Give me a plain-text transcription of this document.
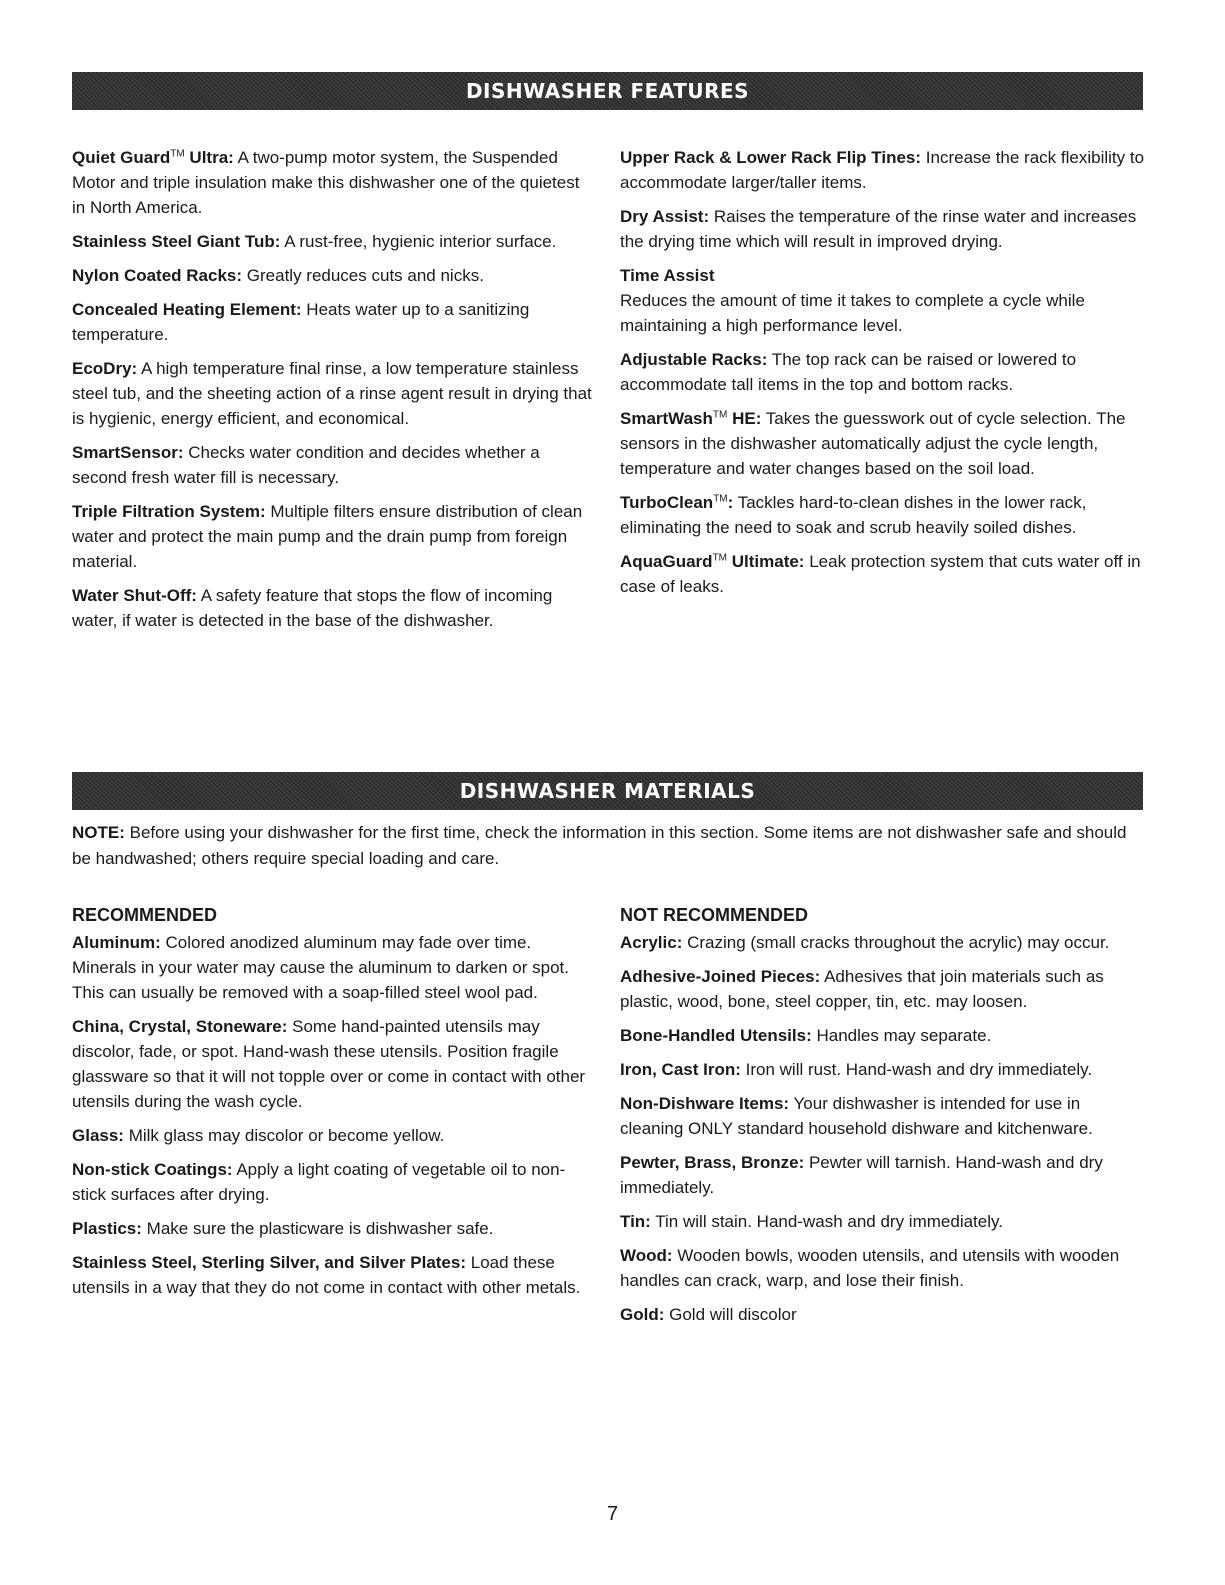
DISHWASHER FEATURES

Quiet Guard™ Ultra: A two-pump motor system, the Suspended Motor and triple insulation make this dishwasher one of the quietest in North America.

Stainless Steel Giant Tub: A rust-free, hygienic interior surface.

Nylon Coated Racks: Greatly reduces cuts and nicks.

Concealed Heating Element: Heats water up to a sanitizing temperature.

EcoDry: A high temperature final rinse, a low temperature stainless steel tub, and the sheeting action of a rinse agent result in drying that is hygienic, energy efficient, and economical.

SmartSensor: Checks water condition and decides whether a second fresh water fill is necessary.

Triple Filtration System: Multiple filters ensure distribution of clean water and protect the main pump and the drain pump from foreign material.

Water Shut-Off: A safety feature that stops the flow of incoming water, if water is detected in the base of the dishwasher.

Upper Rack & Lower Rack Flip Tines: Increase the rack flexibility to accommodate larger/taller items.

Dry Assist: Raises the temperature of the rinse water and increases the drying time which will result in improved drying.

Time Assist
Reduces the amount of time it takes to complete a cycle while maintaining a high performance level.

Adjustable Racks: The top rack can be raised or lowered to accommodate tall items in the top and bottom racks.

SmartWash™ HE: Takes the guesswork out of cycle selection. The sensors in the dishwasher automatically adjust the cycle length, temperature and water changes based on the soil load.

TurboClean™: Tackles hard-to-clean dishes in the lower rack, eliminating the need to soak and scrub heavily soiled dishes.

AquaGuard™ Ultimate: Leak protection system that cuts water off in case of leaks.

DISHWASHER MATERIALS
NOTE: Before using your dishwasher for the first time, check the information in this section. Some items are not dishwasher safe and should be handwashed; others require special loading and care.
RECOMMENDED

Aluminum: Colored anodized aluminum may fade over time. Minerals in your water may cause the aluminum to darken or spot. This can usually be removed with a soap-filled steel wool pad.

China, Crystal, Stoneware: Some hand-painted utensils may discolor, fade, or spot. Hand-wash these utensils. Position fragile glassware so that it will not topple over or come in contact with other utensils during the wash cycle.

Glass: Milk glass may discolor or become yellow.

Non-stick Coatings: Apply a light coating of vegetable oil to non-stick surfaces after drying.

Plastics: Make sure the plasticware is dishwasher safe.

Stainless Steel, Sterling Silver, and Silver Plates: Load these utensils in a way that they do not come in contact with other metals.

NOT RECOMMENDED

Acrylic: Crazing (small cracks throughout the acrylic) may occur.

Adhesive-Joined Pieces: Adhesives that join materials such as plastic, wood, bone, steel copper, tin, etc. may loosen.

Bone-Handled Utensils: Handles may separate.

Iron, Cast Iron: Iron will rust. Hand-wash and dry immediately.

Non-Dishware Items: Your dishwasher is intended for use in cleaning ONLY standard household dishware and kitchenware.

Pewter, Brass, Bronze: Pewter will tarnish. Hand-wash and dry immediately.

Tin: Tin will stain. Hand-wash and dry immediately.

Wood: Wooden bowls, wooden utensils, and utensils with wooden handles can crack, warp, and lose their finish.

Gold: Gold will discolor

7
